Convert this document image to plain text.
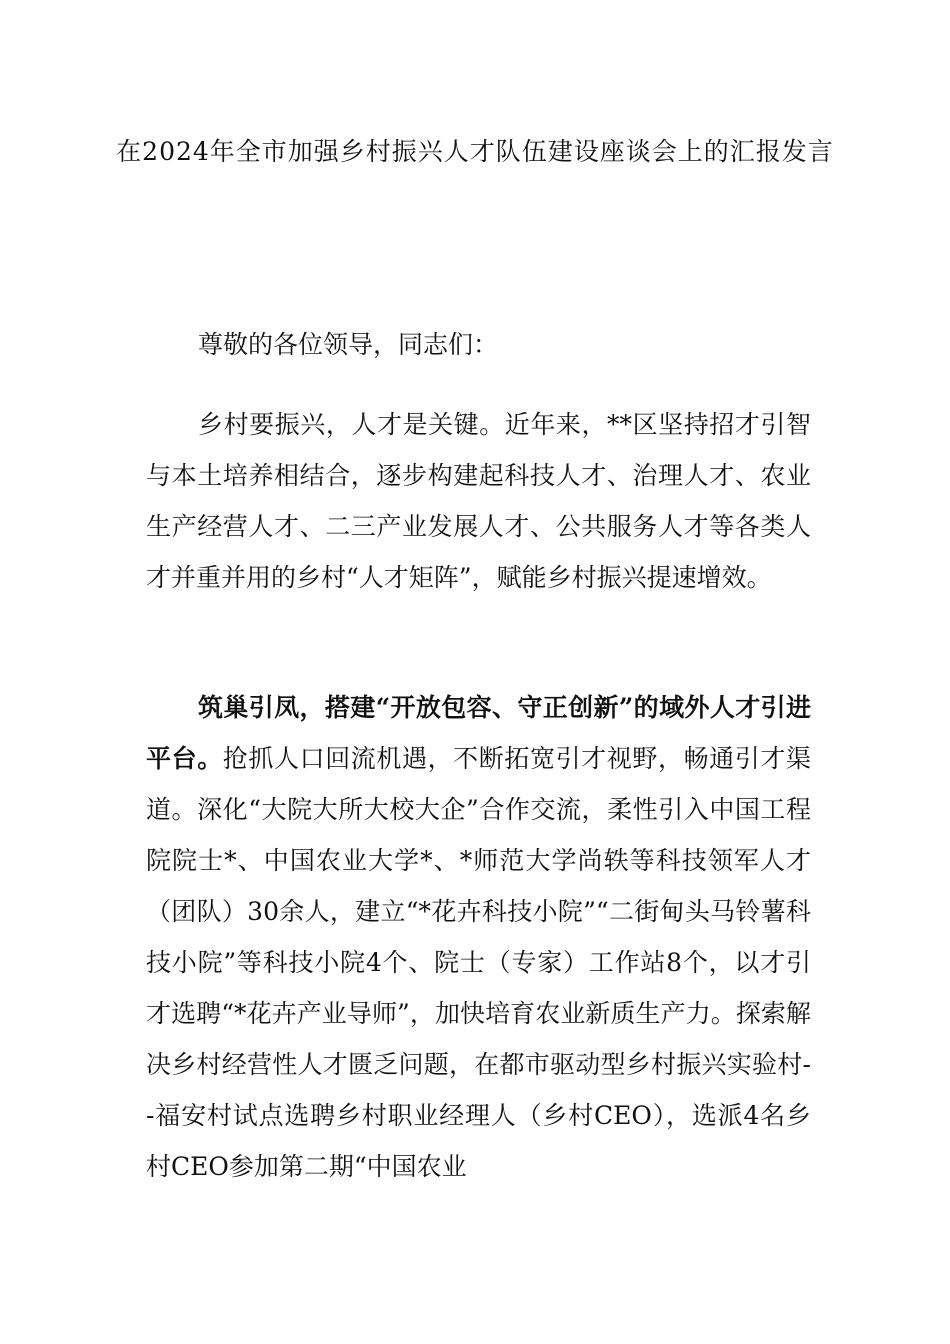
在2024年全市加强乡村振兴人才队伍建设座谈会上的汇报发言

尊敬的各位领导，同志们：

乡村要振兴，人才是关键。近年来，**区坚持招才引智与本土培养相结合，逐步构建起科技人才、治理人才、农业生产经营人才、二三产业发展人才、公共服务人才等各类人才并重并用的乡村“人才矩阵”，赋能乡村振兴提速增效。

筑巢引凤，搭建“开放包容、守正创新”的域外人才引进平台。抢抓人口回流机遇，不断拓宽引才视野，畅通引才渠道。深化“大院大所大校大企”合作交流，柔性引入中国工程院院士*、中国农业大学*、*师范大学尚轶等科技领军人才（团队）30余人，建立“*花卉科技小院”“二街甸头马铃薯科技小院”等科技小院4个、院士（专家）工作站8个，以才引才选聘“*花卉产业导师”，加快培育农业新质生产力。探索解决乡村经营性人才匮乏问题，在都市驱动型乡村振兴实验村--福安村试点选聘乡村职业经理人（乡村CEO），选派4名乡村CEO参加第二期“中国农业
